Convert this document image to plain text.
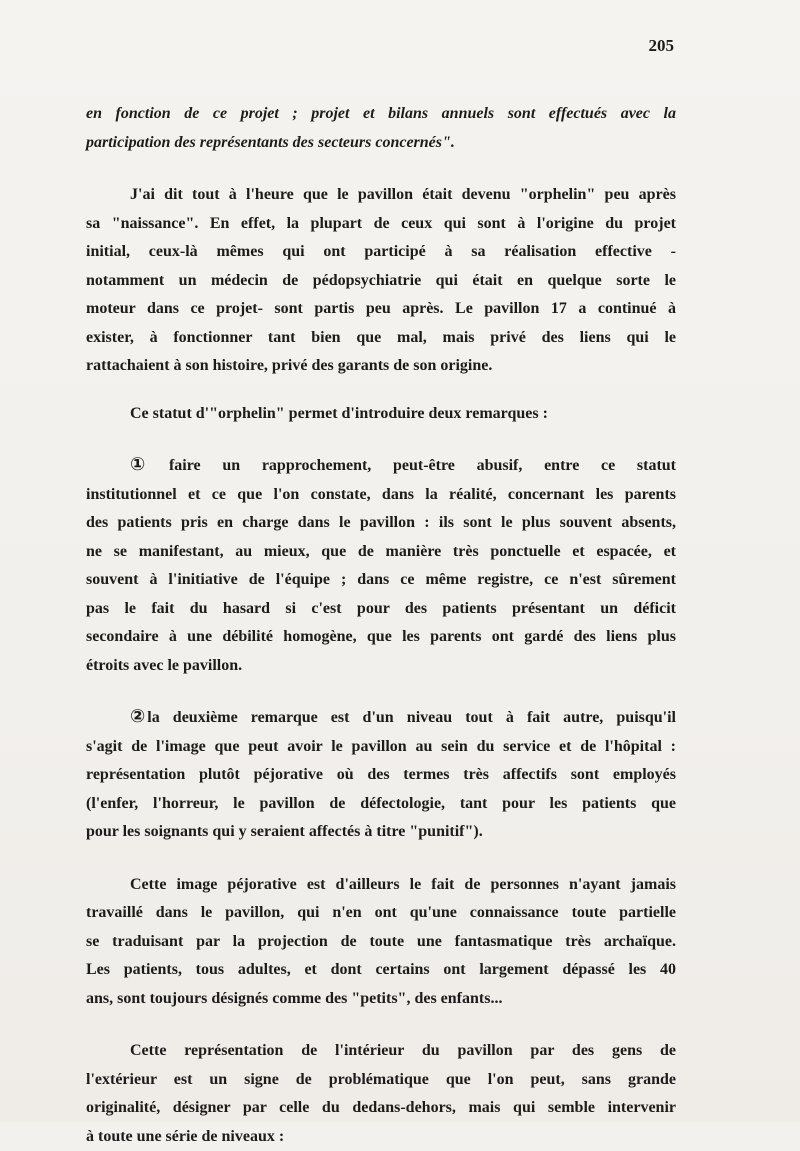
205
en fonction de ce projet ; projet et bilans annuels sont effectués avec la
participation des représentants des secteurs concernés".
J'ai dit tout à l'heure que le pavillon était devenu "orphelin" peu après
sa "naissance". En effet, la plupart de ceux qui sont à l'origine du projet
initial, ceux-là mêmes qui ont participé à sa réalisation effective -
notamment un médecin de pédopsychiatrie qui était en quelque sorte le
moteur dans ce projet- sont partis peu après. Le pavillon 17 a continué à
exister, à fonctionner tant bien que mal, mais privé des liens qui le
rattachaient à son histoire, privé des garants de son origine.
Ce statut d'"orphelin" permet d'introduire deux remarques :
① faire un rapprochement, peut-être abusif, entre ce statut
institutionnel et ce que l'on constate, dans la réalité, concernant les parents
des patients pris en charge dans le pavillon : ils sont le plus souvent absents,
ne se manifestant, au mieux, que de manière très ponctuelle et espacée, et
souvent à l'initiative de l'équipe ; dans ce même registre, ce n'est sûrement
pas le fait du hasard si c'est pour des patients présentant un déficit
secondaire à une débilité homogène, que les parents ont gardé des liens plus
étroits avec le pavillon.
② la deuxième remarque est d'un niveau tout à fait autre, puisqu'il
s'agit de l'image que peut avoir le pavillon au sein du service et de l'hôpital :
représentation plutôt péjorative où des termes très affectifs sont employés
(l'enfer, l'horreur, le pavillon de défectologie, tant pour les patients que
pour les soignants qui y seraient affectés à titre "punitif").
Cette image péjorative est d'ailleurs le fait de personnes n'ayant jamais
travaillé dans le pavillon, qui n'en ont qu'une connaissance toute partielle
se traduisant par la projection de toute une fantasmatique très archaïque.
Les patients, tous adultes, et dont certains ont largement dépassé les 40
ans, sont toujours désignés comme des "petits", des enfants...
Cette représentation de l'intérieur du pavillon par des gens de
l'extérieur est un signe de problématique que l'on peut, sans grande
originalité, désigner par celle du dedans-dehors, mais qui semble intervenir
à toute une série de niveaux :
